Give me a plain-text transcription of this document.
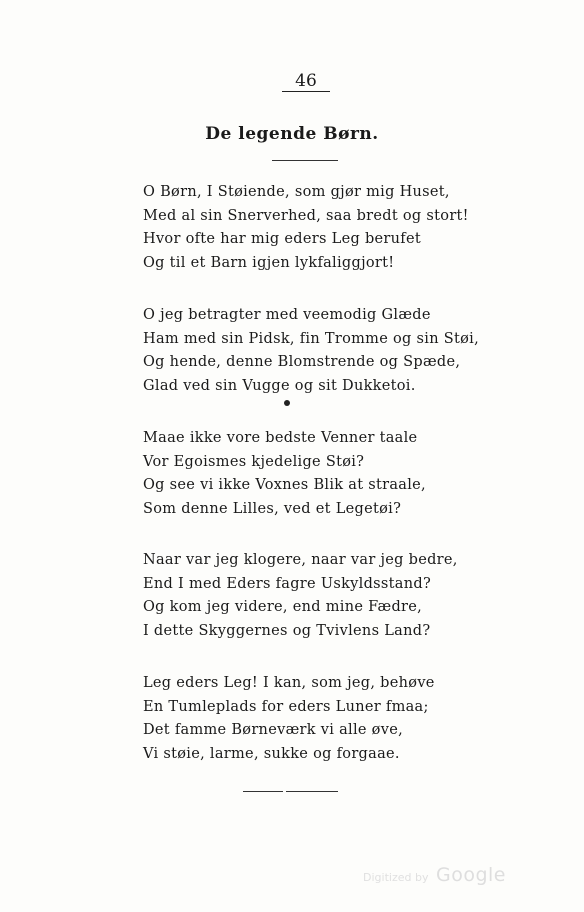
46
De legende Børn.
O Børn, I Støiende, som gjør mig Huset,
Med al sin Snerverhed, saa bredt og stort!
Hvor ofte har mig eders Leg berufet
Og til et Barn igjen lykfaliggjort!
O jeg betragter med veemodig Glæde
Ham med sin Pidsk, fin Tromme og sin Støi,
Og hende, denne Blomstrende og Spæde,
Glad ved sin Vugge og sit Dukketoi.
Maae ikke vore bedste Venner taale
Vor Egoismes kjedelige Støi?
Og see vi ikke Voxnes Blik at straale,
Som denne Lilles, ved et Legetøi?
Naar var jeg klogere, naar var jeg bedre,
End I med Eders fagre Uskyldsstand?
Og kom jeg videre, end mine Fædre,
I dette Skyggernes og Tvivlens Land?
Leg eders Leg! I kan, som jeg, behøve
En Tumleplads for eders Luner fmaa;
Det famme Børneværk vi alle øve,
Vi støie, larme, sukke og forgaae.
Digitized by Google
